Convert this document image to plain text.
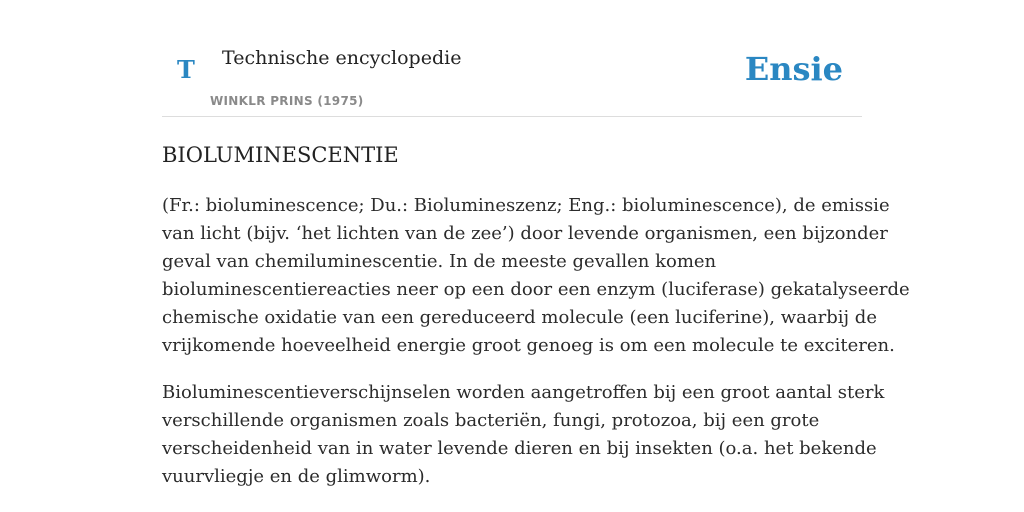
T Technische encyclopedie
WINKLR PRINS (1975)
Ensie
BIOLUMINESCENTIE

(Fr.: bioluminescence; Du.: Biolumineszenz; Eng.: bioluminescence), de emissie
van licht (bijv. ‘het lichten van de zee’) door levende organismen, een bijzonder
geval van chemiluminescentie. In de meeste gevallen komen
bioluminescentiereacties neer op een door een enzym (luciferase) gekatalyseerde
chemische oxidatie van een gereduceerd molecule (een luciferine), waarbij de
vrijkomende hoeveelheid energie groot genoeg is om een molecule te exciteren.

Bioluminescentieverschijnselen worden aangetroffen bij een groot aantal sterk
verschillende organismen zoals bacteriën, fungi, protozoa, bij een grote
verscheidenheid van in water levende dieren en bij insekten (o.a. het bekende
vuurvliegje en de glimworm).
